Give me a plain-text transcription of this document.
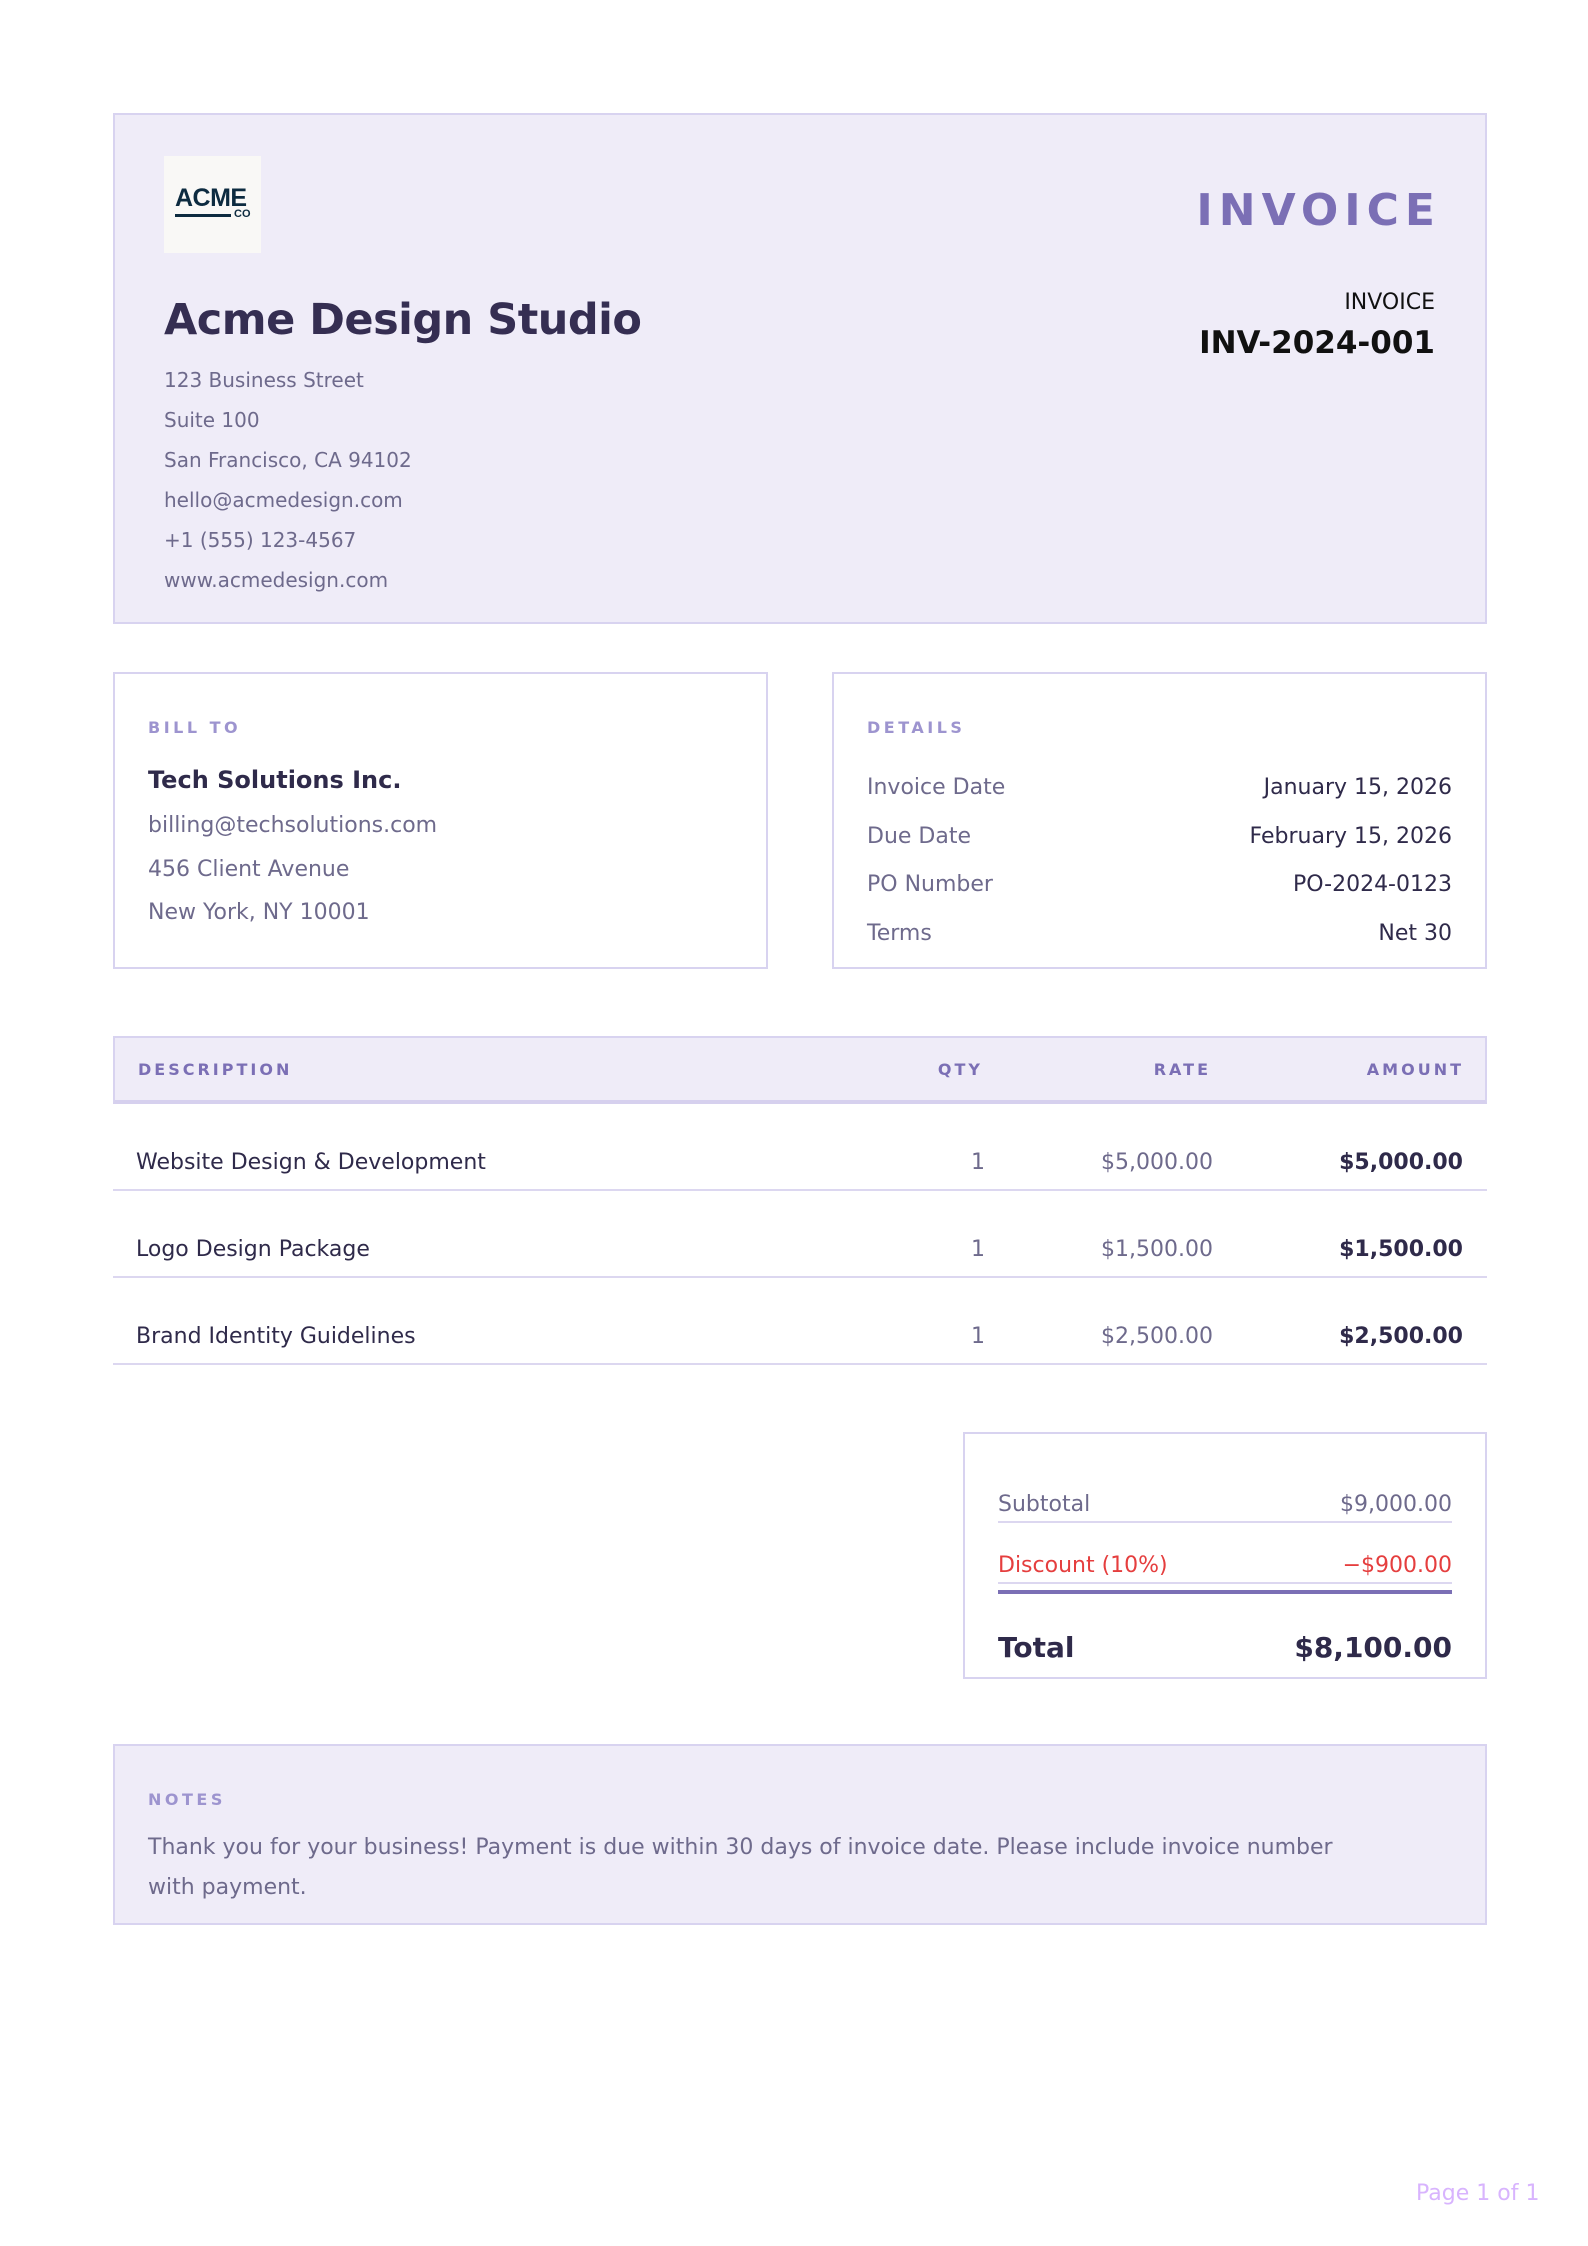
ACME
CO
Acme Design Studio
123 Business Street
Suite 100
San Francisco, CA 94102
hello@acmedesign.com
+1 (555) 123-4567
www.acmedesign.com
INVOICE
INVOICE
INV-2024-001
BILL TO
Tech Solutions Inc.
billing@techsolutions.com
456 Client Avenue
New York, NY 10001
DETAILS
Invoice Date	January 15, 2026
Due Date	February 15, 2026
PO Number	PO-2024-0123
Terms	Net 30
DESCRIPTION	QTY	RATE	AMOUNT
Website Design & Development	1	$5,000.00	$5,000.00
Logo Design Package	1	$1,500.00	$1,500.00
Brand Identity Guidelines	1	$2,500.00	$2,500.00
Subtotal	$9,000.00
Discount (10%)	−$900.00
Total	$8,100.00
NOTES
Thank you for your business! Payment is due within 30 days of invoice date. Please include invoice number with payment.
Page 1 of 1
